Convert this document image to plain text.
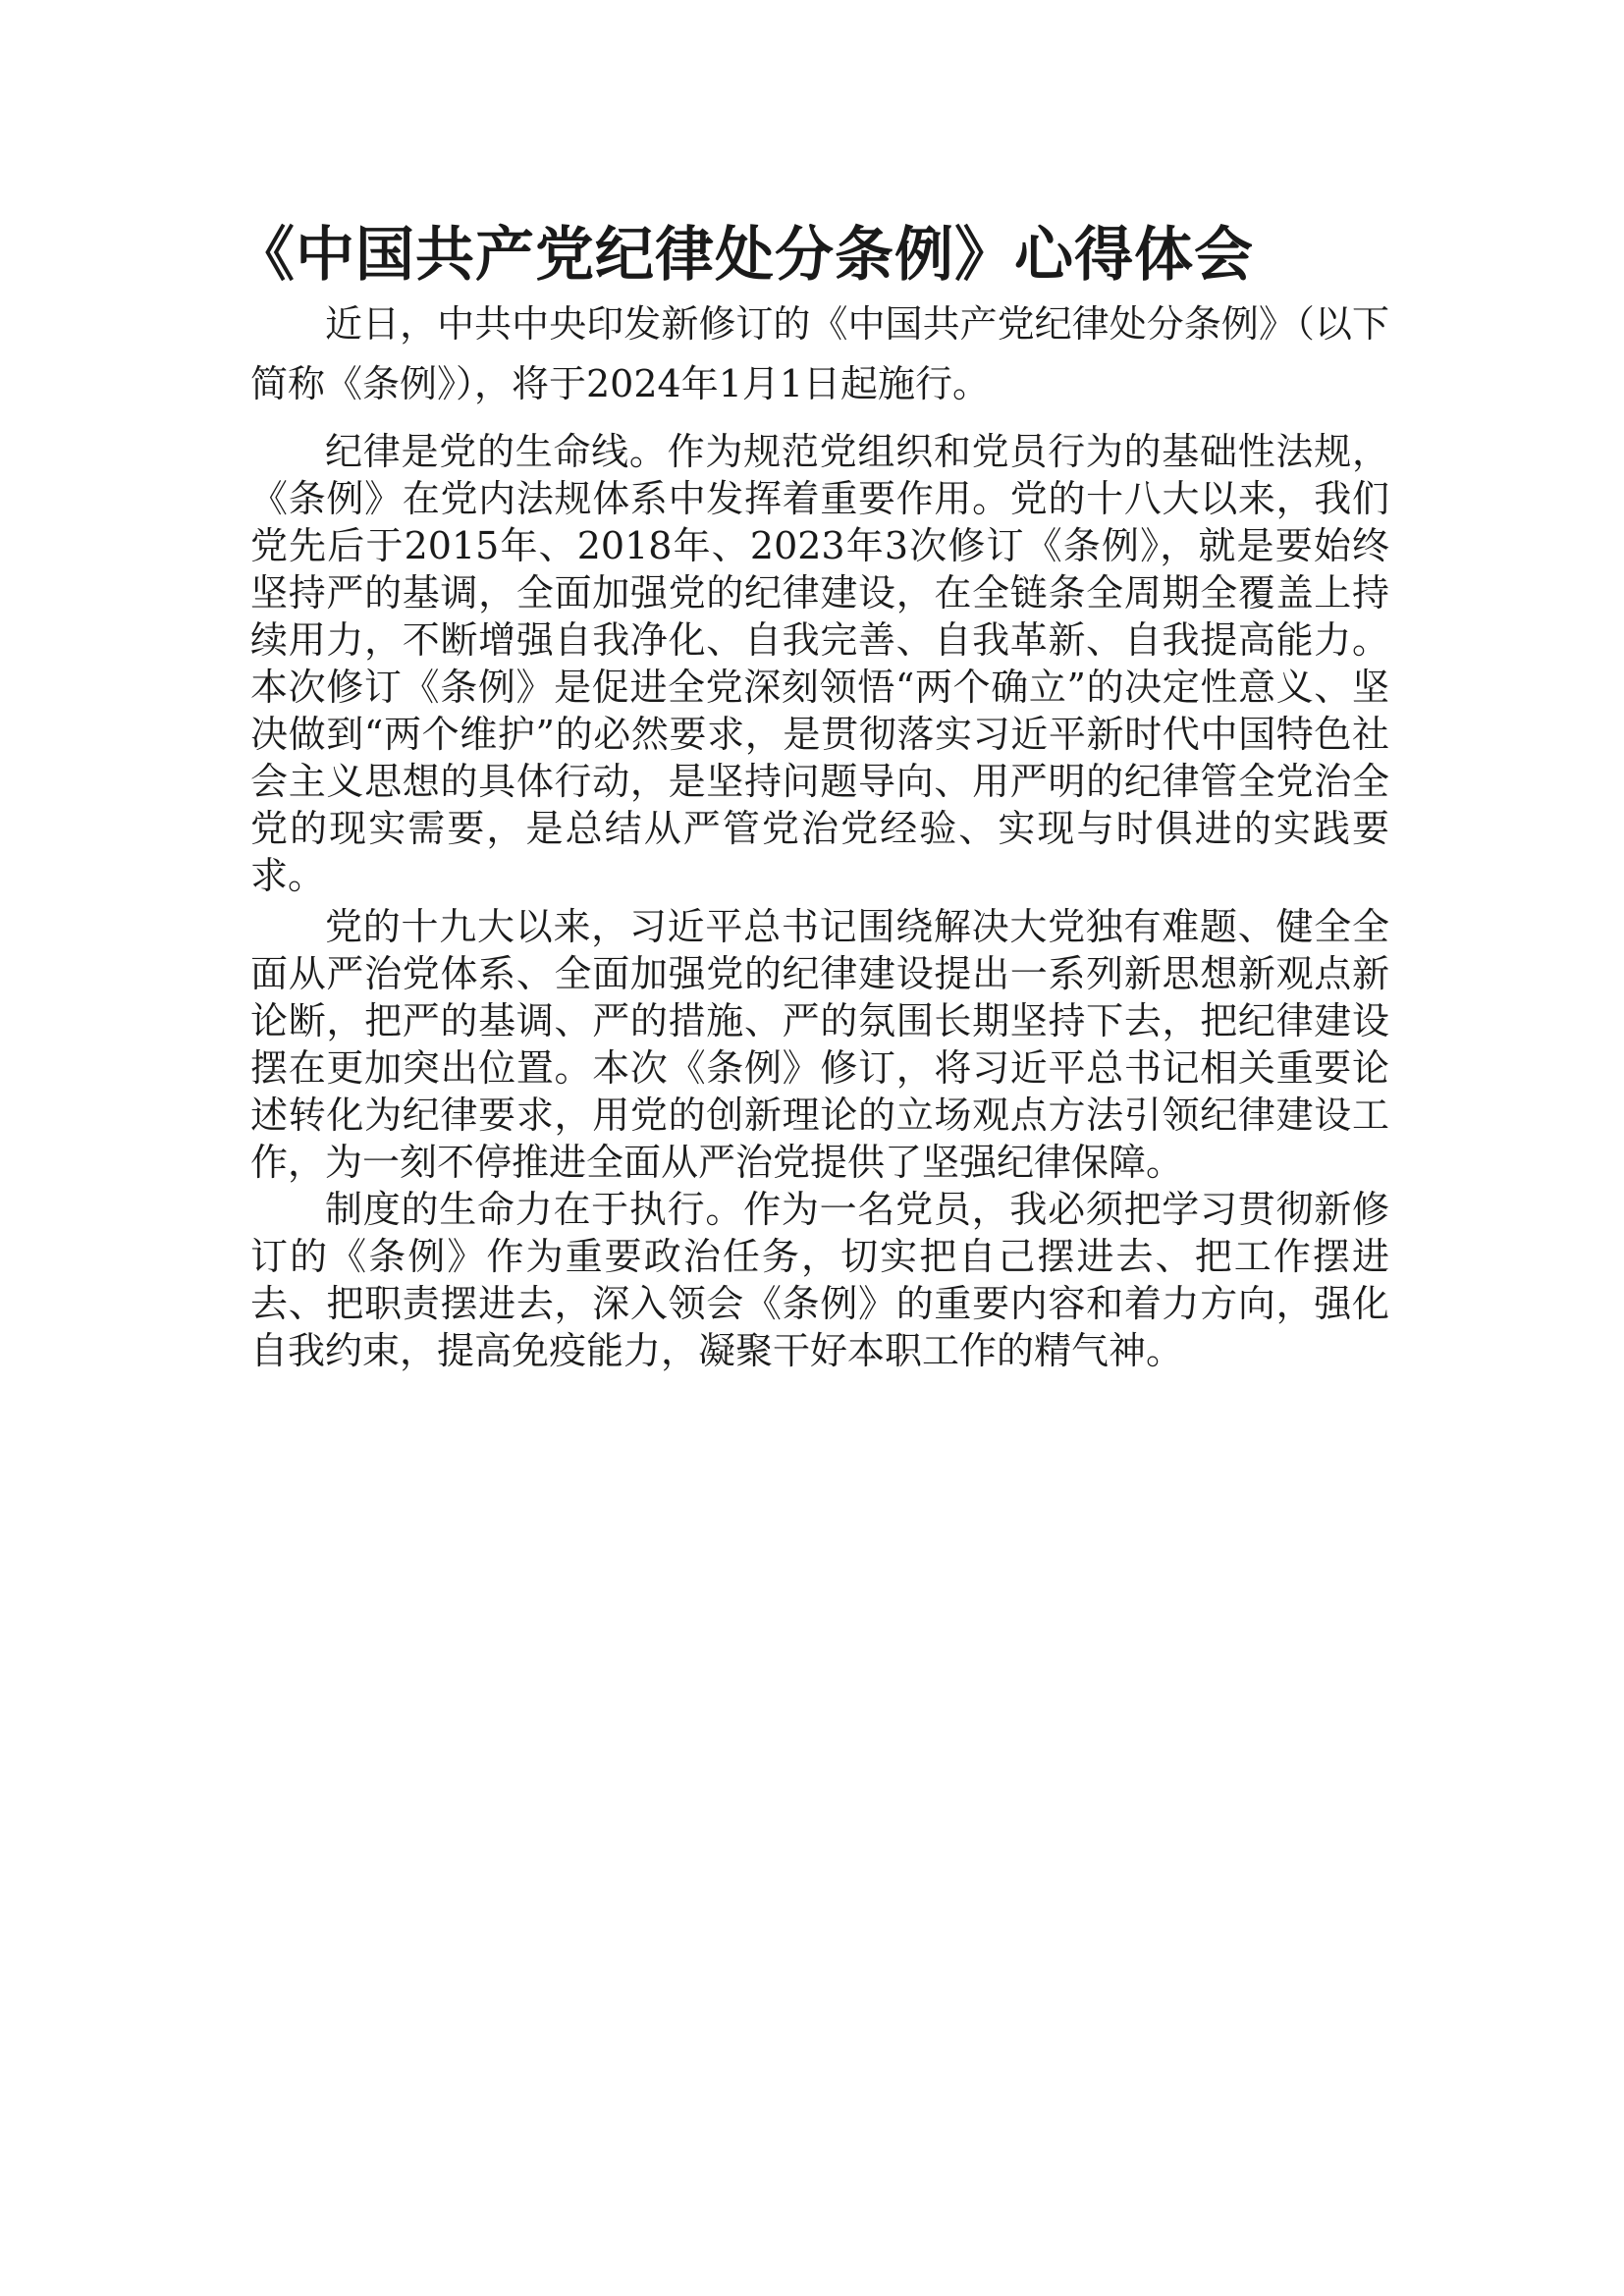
《中国共产党纪律处分条例》心得体会

近日，中共中央印发新修订的《中国共产党纪律处分条例》（以下简称《条例》），将于2024年1月1日起施行。

纪律是党的生命线。作为规范党组织和党员行为的基础性法规，《条例》在党内法规体系中发挥着重要作用。党的十八大以来，我们党先后于2015年、2018年、2023年3次修订《条例》，就是要始终坚持严的基调，全面加强党的纪律建设，在全链条全周期全覆盖上持续用力，不断增强自我净化、自我完善、自我革新、自我提高能力。本次修订《条例》是促进全党深刻领悟“两个确立”的决定性意义、坚决做到“两个维护”的必然要求，是贯彻落实习近平新时代中国特色社会主义思想的具体行动，是坚持问题导向、用严明的纪律管全党治全党的现实需要，是总结从严管党治党经验、实现与时俱进的实践要求。

党的十九大以来，习近平总书记围绕解决大党独有难题、健全全面从严治党体系、全面加强党的纪律建设提出一系列新思想新观点新论断，把严的基调、严的措施、严的氛围长期坚持下去，把纪律建设摆在更加突出位置。本次《条例》修订，将习近平总书记相关重要论述转化为纪律要求，用党的创新理论的立场观点方法引领纪律建设工作，为一刻不停推进全面从严治党提供了坚强纪律保障。

制度的生命力在于执行。作为一名党员，我必须把学习贯彻新修订的《条例》作为重要政治任务，切实把自己摆进去、把工作摆进去、把职责摆进去，深入领会《条例》的重要内容和着力方向，强化自我约束，提高免疫能力，凝聚干好本职工作的精气神。
